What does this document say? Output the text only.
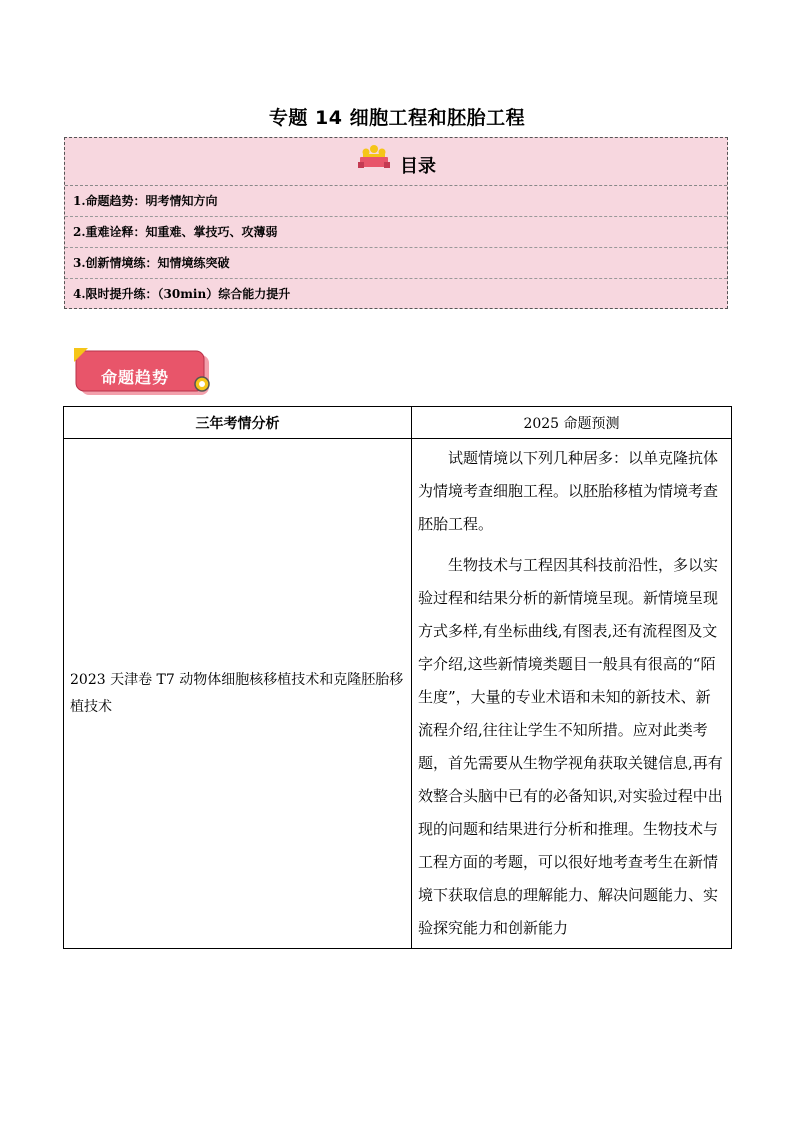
专题 14 细胞工程和胚胎工程
目录
1.命题趋势：明考情知方向
2.重难诠释：知重难、掌技巧、攻薄弱
3.创新情境练：知情境练突破
4.限时提升练：（30min）综合能力提升
命题趋势
三年考情分析	2025 命题预测
2023 天津卷 T7 动物体细胞核移植技术和克隆胚胎移植技术	试题情境以下列几种居多：以单克隆抗体为情境考查细胞工程。以胚胎移植为情境考查胚胎工程。

生物技术与工程因其科技前沿性，多以实验过程和结果分析的新情境呈现。新情境呈现方式多样,有坐标曲线,有图表,还有流程图及文字介绍,这些新情境类题目一般具有很高的“陌生度”，大量的专业术语和未知的新技术、新流程介绍,往往让学生不知所措。应对此类考题，首先需要从生物学视角获取关键信息,再有效整合头脑中已有的必备知识,对实验过程中出现的问题和结果进行分析和推理。生物技术与工程方面的考题，可以很好地考查考生在新情境下获取信息的理解能力、解决问题能力、实验探究能力和创新能力
